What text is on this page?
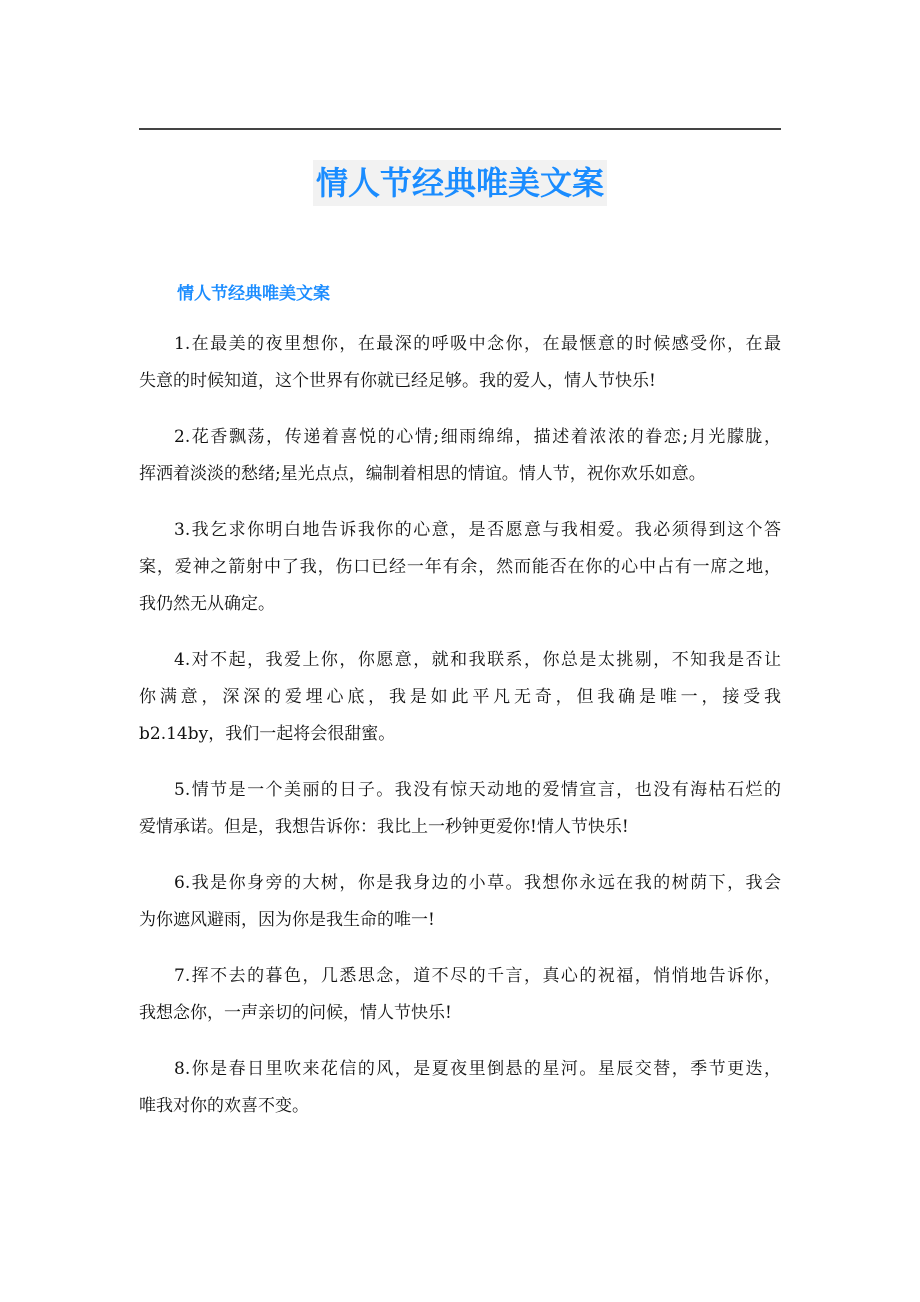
情人节经典唯美文案
情人节经典唯美文案
1.在最美的夜里想你，在最深的呼吸中念你，在最惬意的时候感受你，在最
失意的时候知道，这个世界有你就已经足够。我的爱人，情人节快乐!
2.花香飘荡，传递着喜悦的心情;细雨绵绵，描述着浓浓的眷恋;月光朦胧，
挥洒着淡淡的愁绪;星光点点，编制着相思的情谊。情人节，祝你欢乐如意。
3.我乞求你明白地告诉我你的心意，是否愿意与我相爱。我必须得到这个答
案，爱神之箭射中了我，伤口已经一年有余，然而能否在你的心中占有一席之地，
我仍然无从确定。
4.对不起，我爱上你，你愿意，就和我联系，你总是太挑剔，不知我是否让
你满意，深深的爱埋心底，我是如此平凡无奇，但我确是唯一，接受我
b2.14by，我们一起将会很甜蜜。
5.情节是一个美丽的日子。我没有惊天动地的爱情宣言，也没有海枯石烂的
爱情承诺。但是，我想告诉你：我比上一秒钟更爱你!情人节快乐!
6.我是你身旁的大树，你是我身边的小草。我想你永远在我的树荫下，我会
为你遮风避雨，因为你是我生命的唯一!
7.挥不去的暮色，几悉思念，道不尽的千言，真心的祝福，悄悄地告诉你，
我想念你，一声亲切的问候，情人节快乐!
8.你是春日里吹来花信的风，是夏夜里倒悬的星河。星辰交替，季节更迭，
唯我对你的欢喜不变。
